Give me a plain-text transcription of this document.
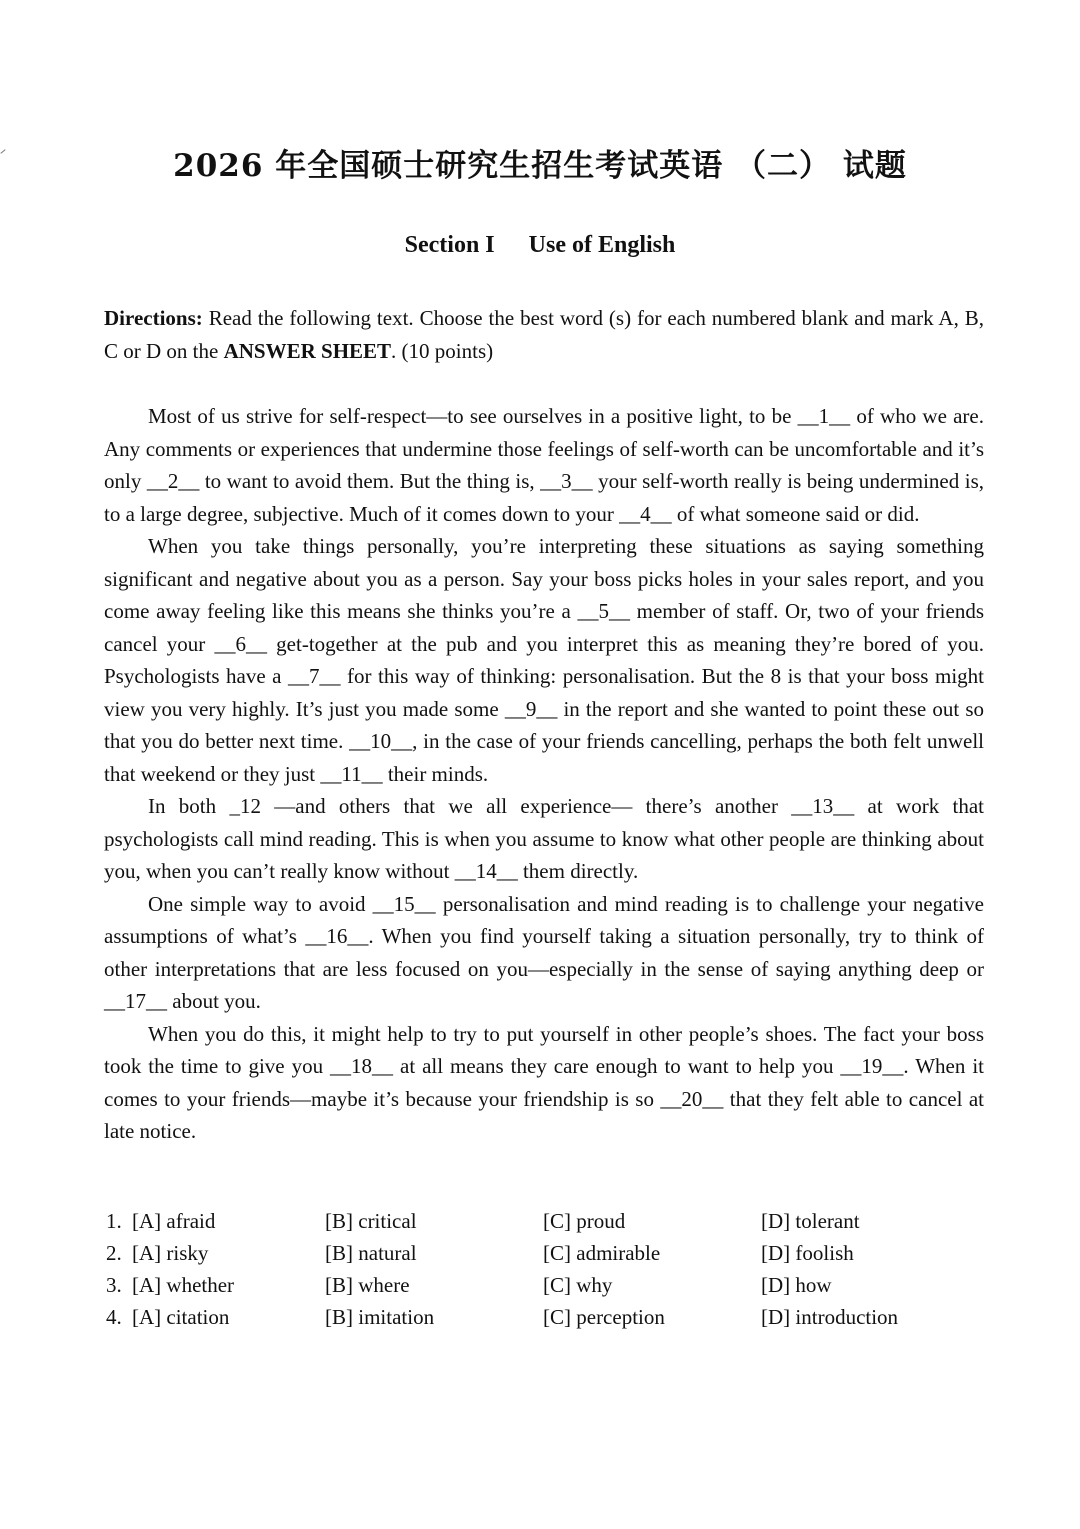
2026 年全国硕士研究生招生考试英语 （二） 试题
Section I Use of English
Directions: Read the following text. Choose the best word (s) for each numbered blank and mark A, B, C or D on the ANSWER SHEET. (10 points)

Most of us strive for self-respect—to see ourselves in a positive light, to be __1__ of who we are. Any comments or experiences that undermine those feelings of self-worth can be uncomfortable and it’s only __2__ to want to avoid them. But the thing is, __3__ your self-worth really is being undermined is, to a large degree, subjective. Much of it comes down to your __4__ of what someone said or did.

When you take things personally, you’re interpreting these situations as saying something significant and negative about you as a person. Say your boss picks holes in your sales report, and you come away feeling like this means she thinks you’re a __5__ member of staff. Or, two of your friends cancel your __6__ get-together at the pub and you interpret this as meaning they’re bored of you. Psychologists have a __7__ for this way of thinking: personalisation. But the 8 is that your boss might view you very highly. It’s just you made some __9__ in the report and she wanted to point these out so that you do better next time. __10__, in the case of your friends cancelling, perhaps the both felt unwell that weekend or they just __11__ their minds.

In both _12 —and others that we all experience— there’s another __13__ at work that psychologists call mind reading. This is when you assume to know what other people are thinking about you, when you can’t really know without __14__ them directly.

One simple way to avoid __15__ personalisation and mind reading is to challenge your negative assumptions of what’s __16__. When you find yourself taking a situation personally, try to think of other interpretations that are less focused on you—especially in the sense of saying anything deep or __17__ about you.

When you do this, it might help to try to put yourself in other people’s shoes. The fact your boss took the time to give you __18__ at all means they care enough to want to help you __19__. When it comes to your friends—maybe it’s because your friendship is so __20__ that they felt able to cancel at late notice.

1. [A] afraid	[B] critical	[C] proud	[D] tolerant
2. [A] risky	[B] natural	[C] admirable	[D] foolish
3. [A] whether	[B] where	[C] why	[D] how
4. [A] citation	[B] imitation	[C] perception	[D] introduction
